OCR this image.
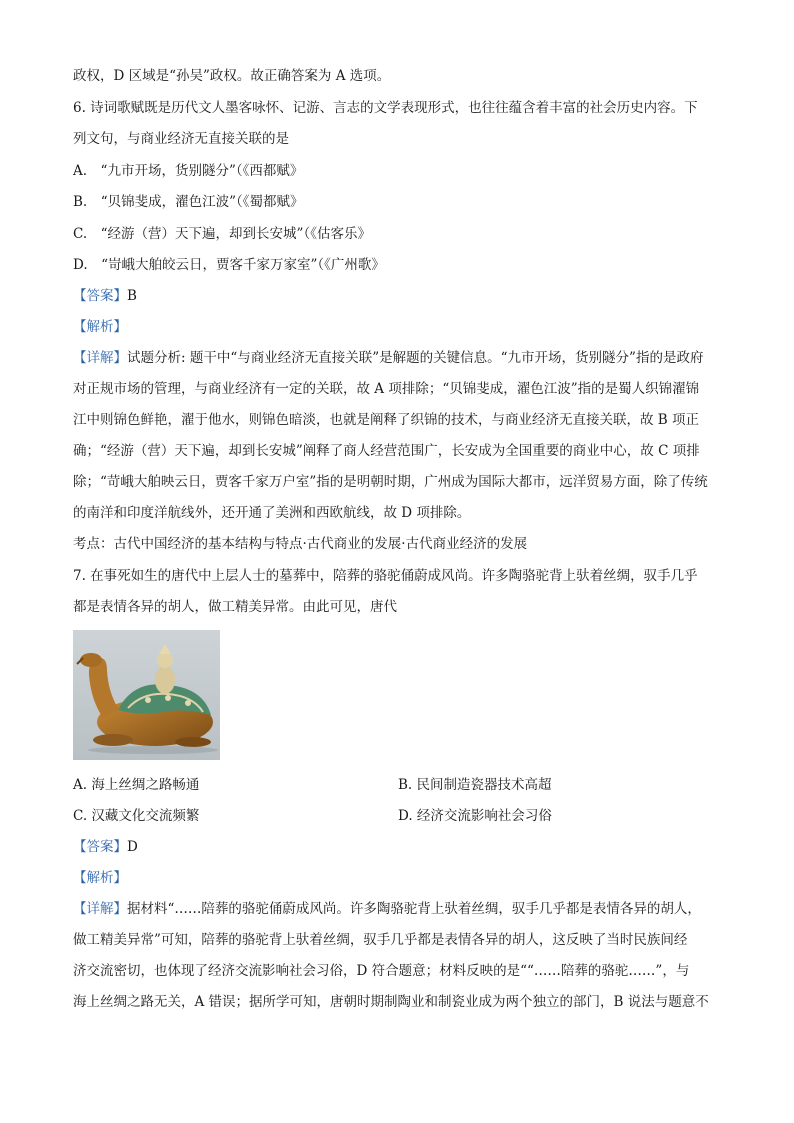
政权，D 区域是“孙吴”政权。故正确答案为 A 选项。
6. 诗词歌赋既是历代文人墨客咏怀、记游、言志的文学表现形式，也往往蕴含着丰富的社会历史内容。下
列文句，与商业经济无直接关联的是
A.　“九市开场，货别隧分”（《西都赋》
B.　“贝锦斐成，濯色江波”（《蜀都赋》
C.　“经游（营）天下遍，却到长安城”（《估客乐》
D.　“岢峨大舶皎云日，贾客千家万家室”（《广州歌》
【答案】B
【解析】
【详解】试题分析: 题干中“与商业经济无直接关联”是解题的关键信息。“九市开场，货别隧分”指的是政府
对正规市场的管理，与商业经济有一定的关联，故 A 项排除；“贝锦斐成，濯色江波”指的是蜀人织锦濯锦
江中则锦色鲜艳，濯于他水，则锦色暗淡，也就是阐释了织锦的技术，与商业经济无直接关联，故 B 项正
确；“经游（营）天下遍，却到长安城”阐释了商人经营范围广，长安成为全国重要的商业中心，故 C 项排
除；“苛峨大舶映云日，贾客千家万户室”指的是明朝时期，广州成为国际大都市，远洋贸易方面，除了传统
的南洋和印度洋航线外，还开通了美洲和西欧航线，故 D 项排除。
考点：古代中国经济的基本结构与特点·古代商业的发展·古代商业经济的发展
7. 在事死如生的唐代中上层人士的墓葬中，陪葬的骆驼俑蔚成风尚。许多陶骆驼背上驮着丝绸，驭手几乎
都是表情各异的胡人，做工精美异常。由此可见，唐代
A. 海上丝绸之路畅通	B. 民间制造瓷器技术高超
C. 汉藏文化交流频繁	D. 经济交流影响社会习俗
【答案】D
【解析】
【详解】据材料“……陪葬的骆驼俑蔚成风尚。许多陶骆驼背上驮着丝绸，驭手几乎都是表情各异的胡人，
做工精美异常”可知，陪葬的骆驼背上驮着丝绸，驭手几乎都是表情各异的胡人，这反映了当时民族间经
济交流密切，也体现了经济交流影响社会习俗，D 符合题意；材料反映的是““……陪葬的骆驼……”，与
海上丝绸之路无关，A 错误；据所学可知，唐朝时期制陶业和制瓷业成为两个独立的部门，B 说法与题意不
